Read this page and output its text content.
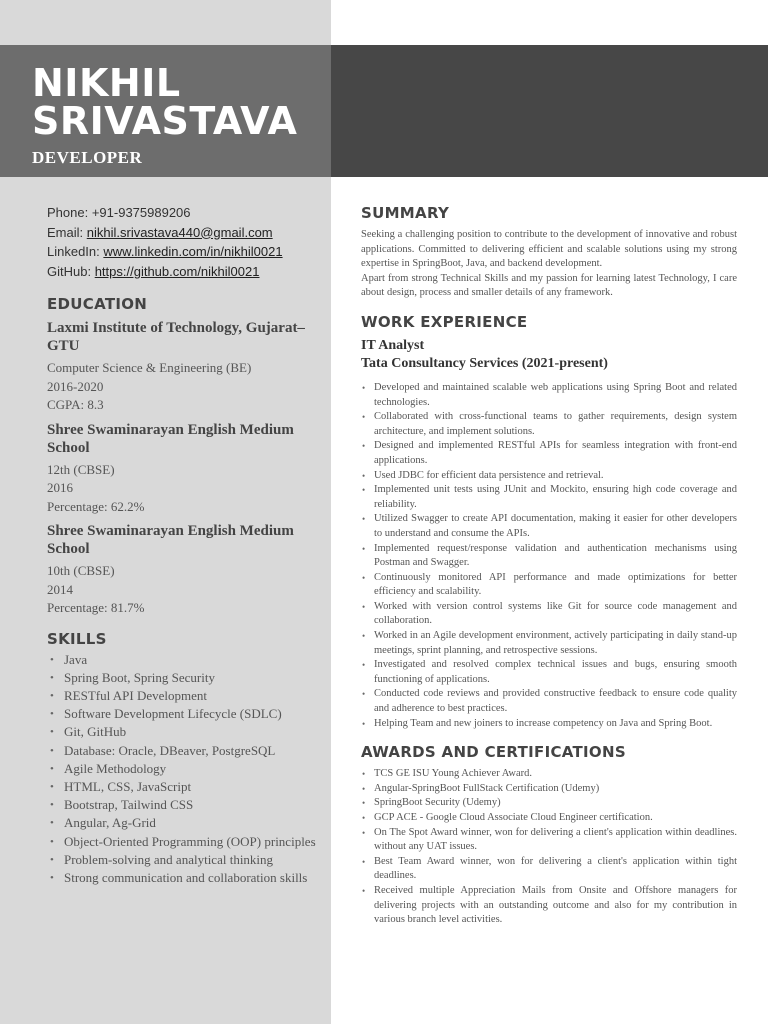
NIKHIL
SRIVASTAVA
DEVELOPER
Phone: +91-9375989206
Email: nikhil.srivastava440@gmail.com
LinkedIn: www.linkedin.com/in/nikhil0021
GitHub: https://github.com/nikhil0021
EDUCATION
Laxmi Institute of Technology, Gujarat–GTU
Computer Science & Engineering (BE)
2016-2020
CGPA: 8.3
Shree Swaminarayan English Medium School
12th (CBSE)
2016
Percentage: 62.2%
Shree Swaminarayan English Medium School
10th (CBSE)
2014
Percentage: 81.7%
SKILLS
• Java
• Spring Boot, Spring Security
• RESTful API Development
• Software Development Lifecycle (SDLC)
• Git, GitHub
• Database: Oracle, DBeaver, PostgreSQL
• Agile Methodology
• HTML, CSS, JavaScript
• Bootstrap, Tailwind CSS
• Angular, Ag-Grid
• Object-Oriented Programming (OOP) principles
• Problem-solving and analytical thinking
• Strong communication and collaboration skills
SUMMARY

Seeking a challenging position to contribute to the development of innovative and robust applications. Committed to delivering efficient and scalable solutions using my strong expertise in SpringBoot, Java, and backend development.

Apart from strong Technical Skills and my passion for learning latest Technology, I care about design, process and smaller details of any framework.

WORK EXPERIENCE
IT Analyst
Tata Consultancy Services (2021-present)
• Developed and maintained scalable web applications using Spring Boot and related technologies.
• Collaborated with cross-functional teams to gather requirements, design system architecture, and implement solutions.
• Designed and implemented RESTful APIs for seamless integration with front-end applications.
• Used JDBC for efficient data persistence and retrieval.
• Implemented unit tests using JUnit and Mockito, ensuring high code coverage and reliability.
• Utilized Swagger to create API documentation, making it easier for other developers to understand and consume the APIs.
• Implemented request/response validation and authentication mechanisms using Postman and Swagger.
• Continuously monitored API performance and made optimizations for better efficiency and scalability.
• Worked with version control systems like Git for source code management and collaboration.
• Worked in an Agile development environment, actively participating in daily stand-up meetings, sprint planning, and retrospective sessions.
• Investigated and resolved complex technical issues and bugs, ensuring smooth functioning of applications.
• Conducted code reviews and provided constructive feedback to ensure code quality and adherence to best practices.
• Helping Team and new joiners to increase competency on Java and Spring Boot.
AWARDS AND CERTIFICATIONS
• TCS GE ISU Young Achiever Award.
• Angular-SpringBoot FullStack Certification (Udemy)
• SpringBoot Security (Udemy)
• GCP ACE - Google Cloud Associate Cloud Engineer certification.
• On The Spot Award winner, won for delivering a client's application within deadlines. without any UAT issues.
• Best Team Award winner, won for delivering a client's application within tight deadlines.
• Received multiple Appreciation Mails from Onsite and Offshore managers for delivering projects with an outstanding outcome and also for my contribution in various branch level activities.
